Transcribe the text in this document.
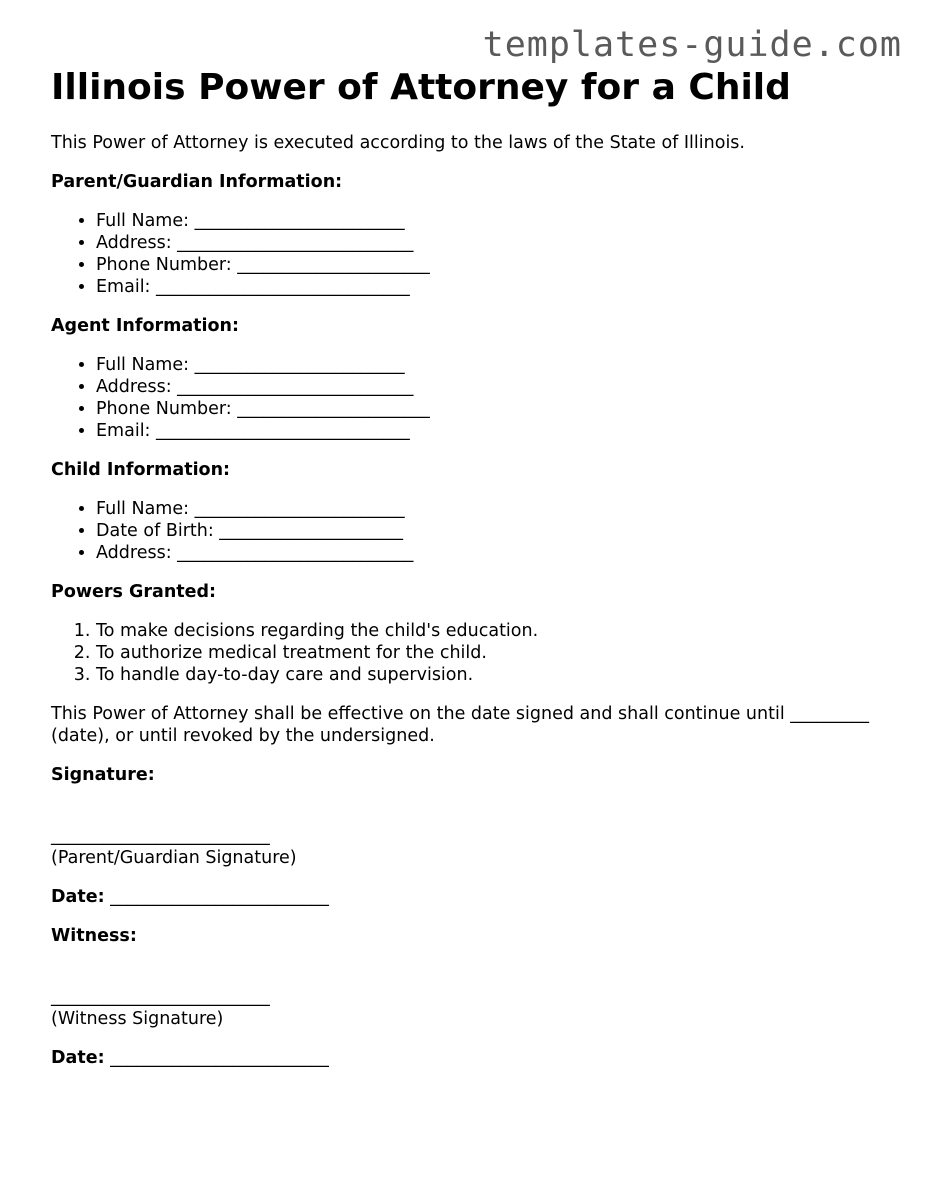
templates-guide.com
Illinois Power of Attorney for a Child

This Power of Attorney is executed according to the laws of the State of Illinois.

Parent/Guardian Information:

• Full Name: ________________________
• Address: ___________________________
• Phone Number: ______________________
• Email: _____________________________

Agent Information:

• Full Name: ________________________
• Address: ___________________________
• Phone Number: ______________________
• Email: _____________________________

Child Information:

• Full Name: ________________________
• Date of Birth: _____________________
• Address: ___________________________

Powers Granted:

1. To make decisions regarding the child's education.
2. To authorize medical treatment for the child.
3. To handle day-to-day care and supervision.

This Power of Attorney shall be effective on the date signed and shall continue until _________ (date), or until revoked by the undersigned.

Signature:

_________________________
(Parent/Guardian Signature)

Date: _________________________

Witness:

_________________________
(Witness Signature)

Date: _________________________
